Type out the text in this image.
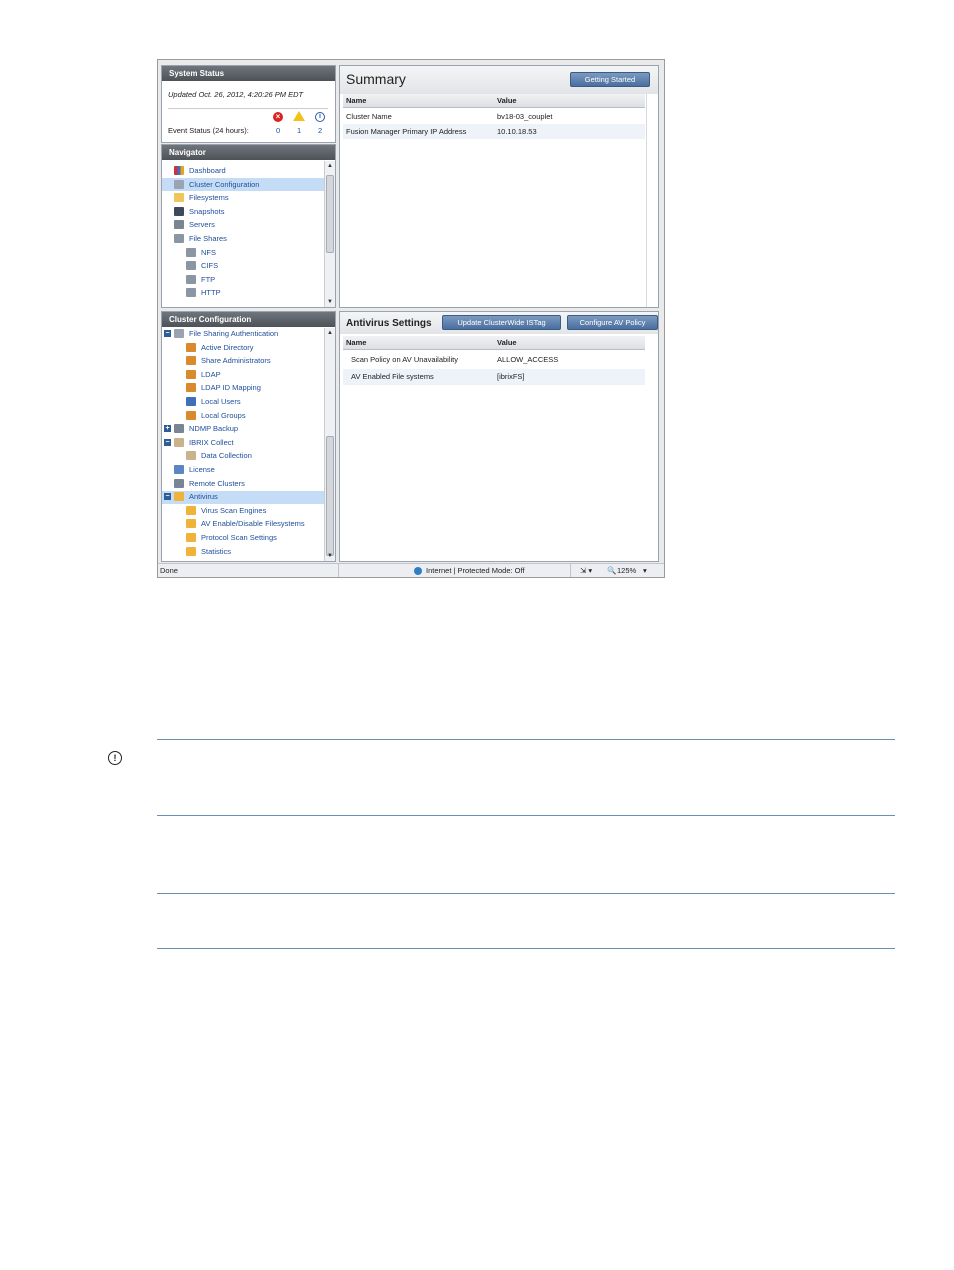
System Status
Updated Oct. 26, 2012, 4:20:26 PM EDT
×	i
Event Status (24 hours):	0 1 2
Navigator
Dashboard
Cluster Configuration
Filesystems
Snapshots
Servers
File Shares
NFS
CIFS
FTP
HTTP
▲
▼
Cluster Configuration
−	File Sharing Authentication
Active Directory
Share Administrators
LDAP
LDAP ID Mapping
Local Users
Local Groups
+	NDMP Backup
−	IBRIX Collect
Data Collection
License
Remote Clusters
−	Antivirus
Virus Scan Engines
AV Enable/Disable Filesystems
Protocol Scan Settings
Statistics
▲
▼
Summary	Getting Started
Name	Value
Cluster Name	bv18-03_couplet
Fusion Manager Primary IP Address	10.10.18.53
Antivirus Settings	Update ClusterWide ISTag	Configure AV Policy
Name	Value
Scan Policy on AV Unavailability	ALLOW_ACCESS
AV Enabled File systems	[ibrixFS]
Done	Internet | Protected Mode: Off	⇲ ▾ 🔍 125% ▾
!
